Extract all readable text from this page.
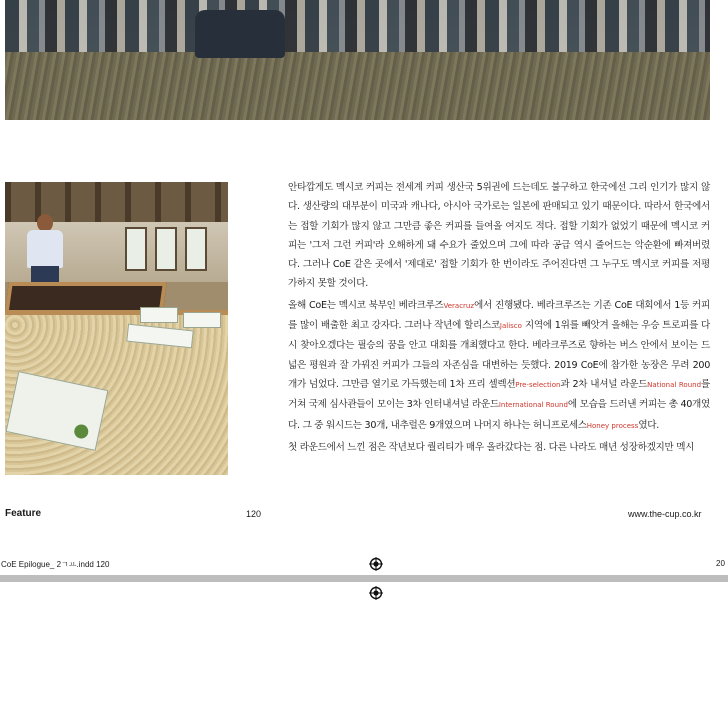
안타깝게도 멕시코 커피는 전세계 커피 생산국 5위권에 드는데도 불구하고 한국에선 그리 인기가 많지 않다. 생산량의 대부분이 미국과 캐나다, 아시아 국가로는 일본에 판매되고 있기 때문이다. 따라서 한국에서는 접할 기회가 많지 않고 그만큼 좋은 커피를 들여올 여지도 적다. 접할 기회가 없었기 때문에 멕시코 커피는 '그저 그런 커피'라 오해하게 돼 수요가 줄었으며 그에 따라 공급 역시 줄어드는 악순환에 빠져버렸다. 그러나 CoE 같은 곳에서 '제대로' 접할 기회가 한 번이라도 주어진다면 그 누구도 멕시코 커피를 저평가하지 못할 것이다.

올해 CoE는 멕시코 북부인 베라크루즈Veracruz에서 진행됐다. 베라크루즈는 기존 CoE 대회에서 1등 커피를 많이 배출한 최고 강자다. 그러나 작년에 할리스코Jalisco 지역에 1위를 빼앗겨 올해는 우승 트로피를 다시 찾아오겠다는 필승의 꿈을 안고 대회를 개최했다고 한다. 베라크루즈로 향하는 버스 안에서 보이는 드넓은 평원과 잘 가꿔진 커피가 그들의 자존심을 대변하는 듯했다. 2019 CoE에 참가한 농장은 무려 200개가 넘었다. 그만큼 열기로 가득했는데 1차 프리 셀렉션Pre-selection과 2차 내셔널 라운드National Round를 거쳐 국제 심사관들이 모이는 3차 인터내셔널 라운드International Round에 모습을 드러낸 커피는 총 40개였다. 그 중 워시드는 30개, 내추럴은 9개였으며 나머지 하나는 허니프로세스Honey process였다.

첫 라운드에서 느낀 점은 작년보다 퀄리티가 매우 올라갔다는 점. 다른 나라도 매년 성장하겠지만 멕시

Feature	120	www.the-cup.co.kr
CoE Epilogue_ 2ㄱㅛ.indd 120	20
